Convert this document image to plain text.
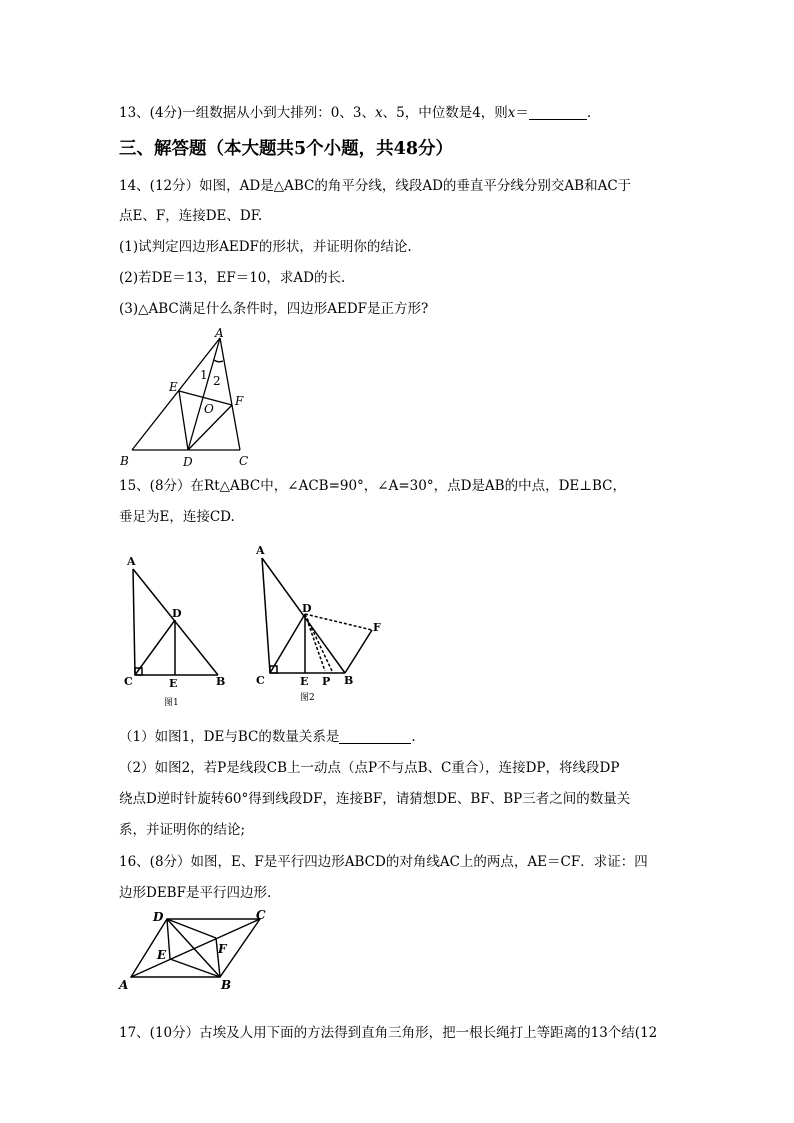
13、(4分)一组数据从小到大排列：0、3、x、5，中位数是4，则x＝	.
三、解答题（本大题共5个小题，共48分）
14、(12分）如图，AD是△ABC的角平分线，线段AD的垂直平分线分别交AB和AC于
点E、F，连接DE、DF.
(1)试判定四边形AEDF的形状，并证明你的结论.
(2)若DE＝13，EF＝10，求AD的长.
(3)△ABC满足什么条件时，四边形AEDF是正方形?
A
B	C
D
E
F
O
1 2
15、(8分）在Rt△ABC中，∠ACB=90°，∠A=30°，点D是AB的中点，DE⊥BC，
垂足为E，连接CD.
A
C
D
E	B
图1
A
C
D
F
E P B
图2
（1）如图1，DE与BC的数量关系是	.
（2）如图2，若P是线段CB上一动点（点P不与点B、C重合），连接DP，将线段DP
绕点D逆时针旋转60°得到线段DF，连接BF，请猜想DE、BF、BP三者之间的数量关
系，并证明你的结论;
16、(8分）如图，E、F是平行四边形ABCD的对角线AC上的两点，AE＝CF．求证：四
边形DEBF是平行四边形.
A	B
C
D
E	F
17、(10分）古埃及人用下面的方法得到直角三角形，把一根长绳打上等距离的13个结(12
